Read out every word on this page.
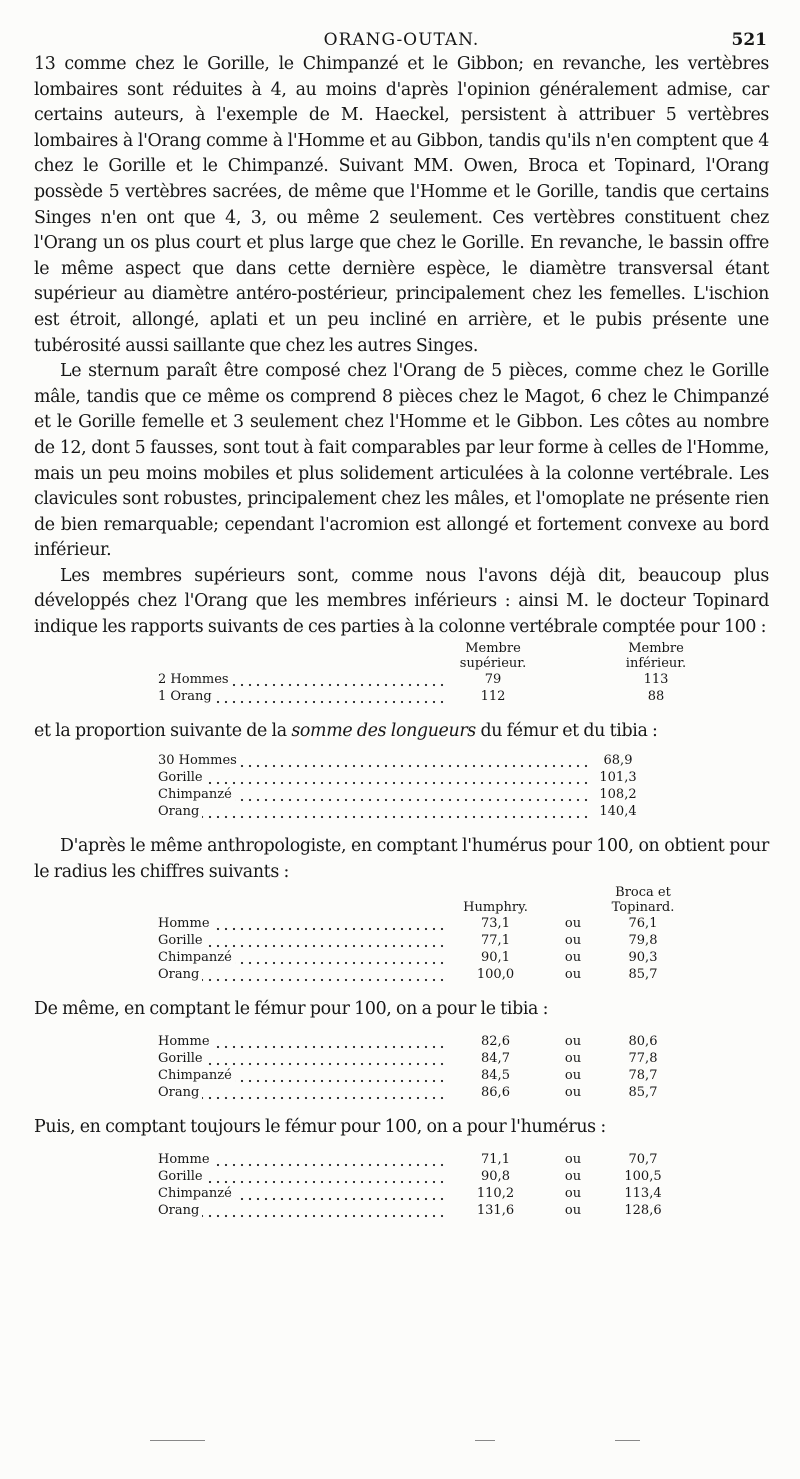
ORANG-OUTAN.	521

13 comme chez le Gorille, le Chimpanzé et le Gibbon; en revanche, les vertèbres lombaires sont réduites à 4, au moins d'après l'opinion généralement admise, car certains auteurs, à l'exemple de M. Haeckel, persistent à attribuer 5 vertèbres lombaires à l'Orang comme à l'Homme et au Gibbon, tandis qu'ils n'en comptent que 4 chez le Gorille et le Chimpanzé. Suivant MM. Owen, Broca et Topinard, l'Orang possède 5 vertèbres sacrées, de même que l'Homme et le Gorille, tandis que certains Singes n'en ont que 4, 3, ou même 2 seulement. Ces vertèbres constituent chez l'Orang un os plus court et plus large que chez le Gorille. En revanche, le bassin offre le même aspect que dans cette dernière espèce, le diamètre transversal étant supérieur au diamètre antéro-postérieur, principalement chez les femelles. L'ischion est étroit, allongé, aplati et un peu incliné en arrière, et le pubis présente une tubérosité aussi saillante que chez les autres Singes.

Le sternum paraît être composé chez l'Orang de 5 pièces, comme chez le Gorille mâle, tandis que ce même os comprend 8 pièces chez le Magot, 6 chez le Chimpanzé et le Gorille femelle et 3 seulement chez l'Homme et le Gibbon. Les côtes au nombre de 12, dont 5 fausses, sont tout à fait comparables par leur forme à celles de l'Homme, mais un peu moins mobiles et plus solidement articulées à la colonne vertébrale. Les clavicules sont robustes, principalement chez les mâles, et l'omoplate ne présente rien de bien remarquable; cependant l'acromion est allongé et fortement convexe au bord inférieur.

Les membres supérieurs sont, comme nous l'avons déjà dit, beaucoup plus développés chez l'Orang que les membres inférieurs : ainsi M. le docteur Topinard indique les rapports suivants de ces parties à la colonne vertébrale comptée pour 100 :

	Membre supérieur.		Membre inférieur.
2 Hommes	79		113
1 Orang	112		88

et la proportion suivante de la somme des longueurs du fémur et du tibia :

30 Hommes	68,9
Gorille	101,3
Chimpanzé	108,2
Orang	140,4

D'après le même anthropologiste, en comptant l'humérus pour 100, on obtient pour le radius les chiffres suivants :

	Humphry.		Broca et Topinard.
Homme	73,1	ou	76,1
Gorille	77,1	ou	79,8
Chimpanzé	90,1	ou	90,3
Orang	100,0	ou	85,7

De même, en comptant le fémur pour 100, on a pour le tibia :

Homme	82,6	ou	80,6
Gorille	84,7	ou	77,8
Chimpanzé	84,5	ou	78,7
Orang	86,6	ou	85,7

Puis, en comptant toujours le fémur pour 100, on a pour l'humérus :

Homme	71,1	ou	70,7
Gorille	90,8	ou	100,5
Chimpanzé	110,2	ou	113,4
Orang	131,6	ou	128,6
